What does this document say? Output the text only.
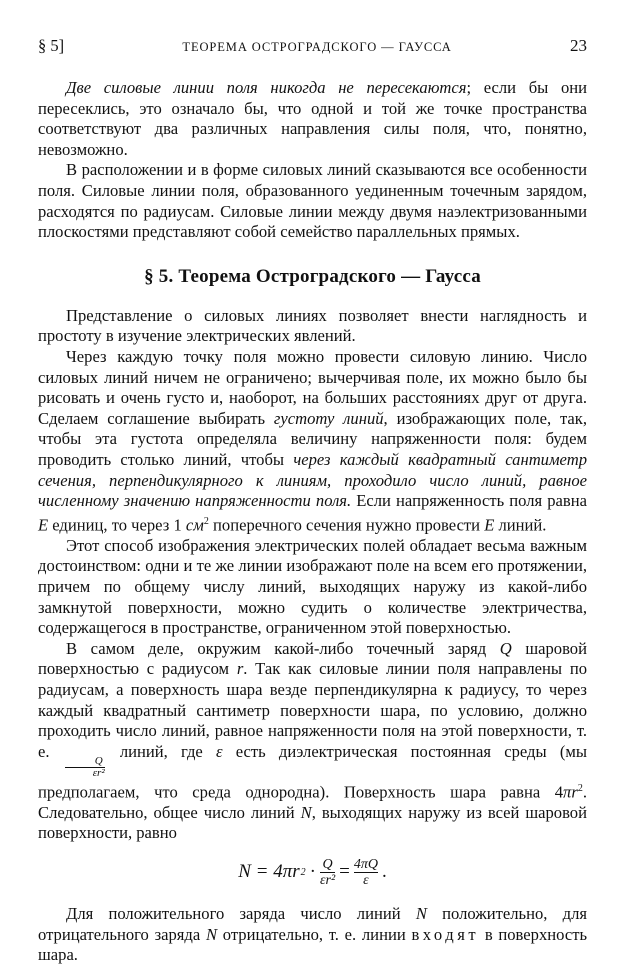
§ 5]	ТЕОРЕМА ОСТРОГРАДСКОГО — ГАУССА	23

Две силовые линии поля никогда не пересекаются; если бы они пересеклись, это означало бы, что одной и той же точке пространства соответствуют два различных направления силы поля, что, понятно, невозможно.

В расположении и в форме силовых линий сказываются все особенности поля. Силовые линии поля, образованного уединенным точечным зарядом, расходятся по радиусам. Силовые линии между двумя наэлектризованными плоскостями представляют собой семейство параллельных прямых.

§ 5. Теорема Остроградского — Гаусса

Представление о силовых линиях позволяет внести наглядность и простоту в изучение электрических явлений.

Через каждую точку поля можно провести силовую линию. Число силовых линий ничем не ограничено; вычерчивая поле, их можно было бы рисовать и очень густо и, наоборот, на больших расстояниях друг от друга. Сделаем соглашение выбирать густоту линий, изображающих поле, так, чтобы эта густота определяла величину напряженности поля: будем проводить столько линий, чтобы через каждый квадратный сантиметр сечения, перпендикулярного к линиям, проходило число линий, равное численному значению напряженности поля. Если напряженность поля равна E единиц, то через 1 $см^2$ поперечного сечения нужно провести E линий.

Этот способ изображения электрических полей обладает весьма важным достоинством: одни и те же линии изображают поле на всем его протяжении, причем по общему числу линий, выходящих наружу из какой-либо замкнутой поверхности, можно судить о количестве электричества, содержащегося в пространстве, ограниченном этой поверхностью.

В самом деле, окружим какой-либо точечный заряд Q шаровой поверхностью с радиусом r. Так как силовые линии поля направлены по радиусам, а поверхность шара везде перпендикулярна к радиусу, то через каждый квадратный сантиметр поверхности шара, по условию, должно проходить число линий, равное напряженности поля на этой поверхности, т. е.
$\frac{Q}{\text{εr²}}$
линий, где ε есть диэлектрическая постоянная среды (мы предполагаем, что среда однородна). Поверхность шара равна $4\pi r^2$. Следовательно, общее число линий N, выходящих наружу из всей шаровой поверхности, равно

N = 4πr $2 \cdot \frac{Q}{\text{εr²}} = \frac{4\pi Q}{\varepsilon}$ .

Для положительного заряда число линий N положительно, для отрицательного заряда N отрицательно, т. е. линии входят в поверхность шара.
